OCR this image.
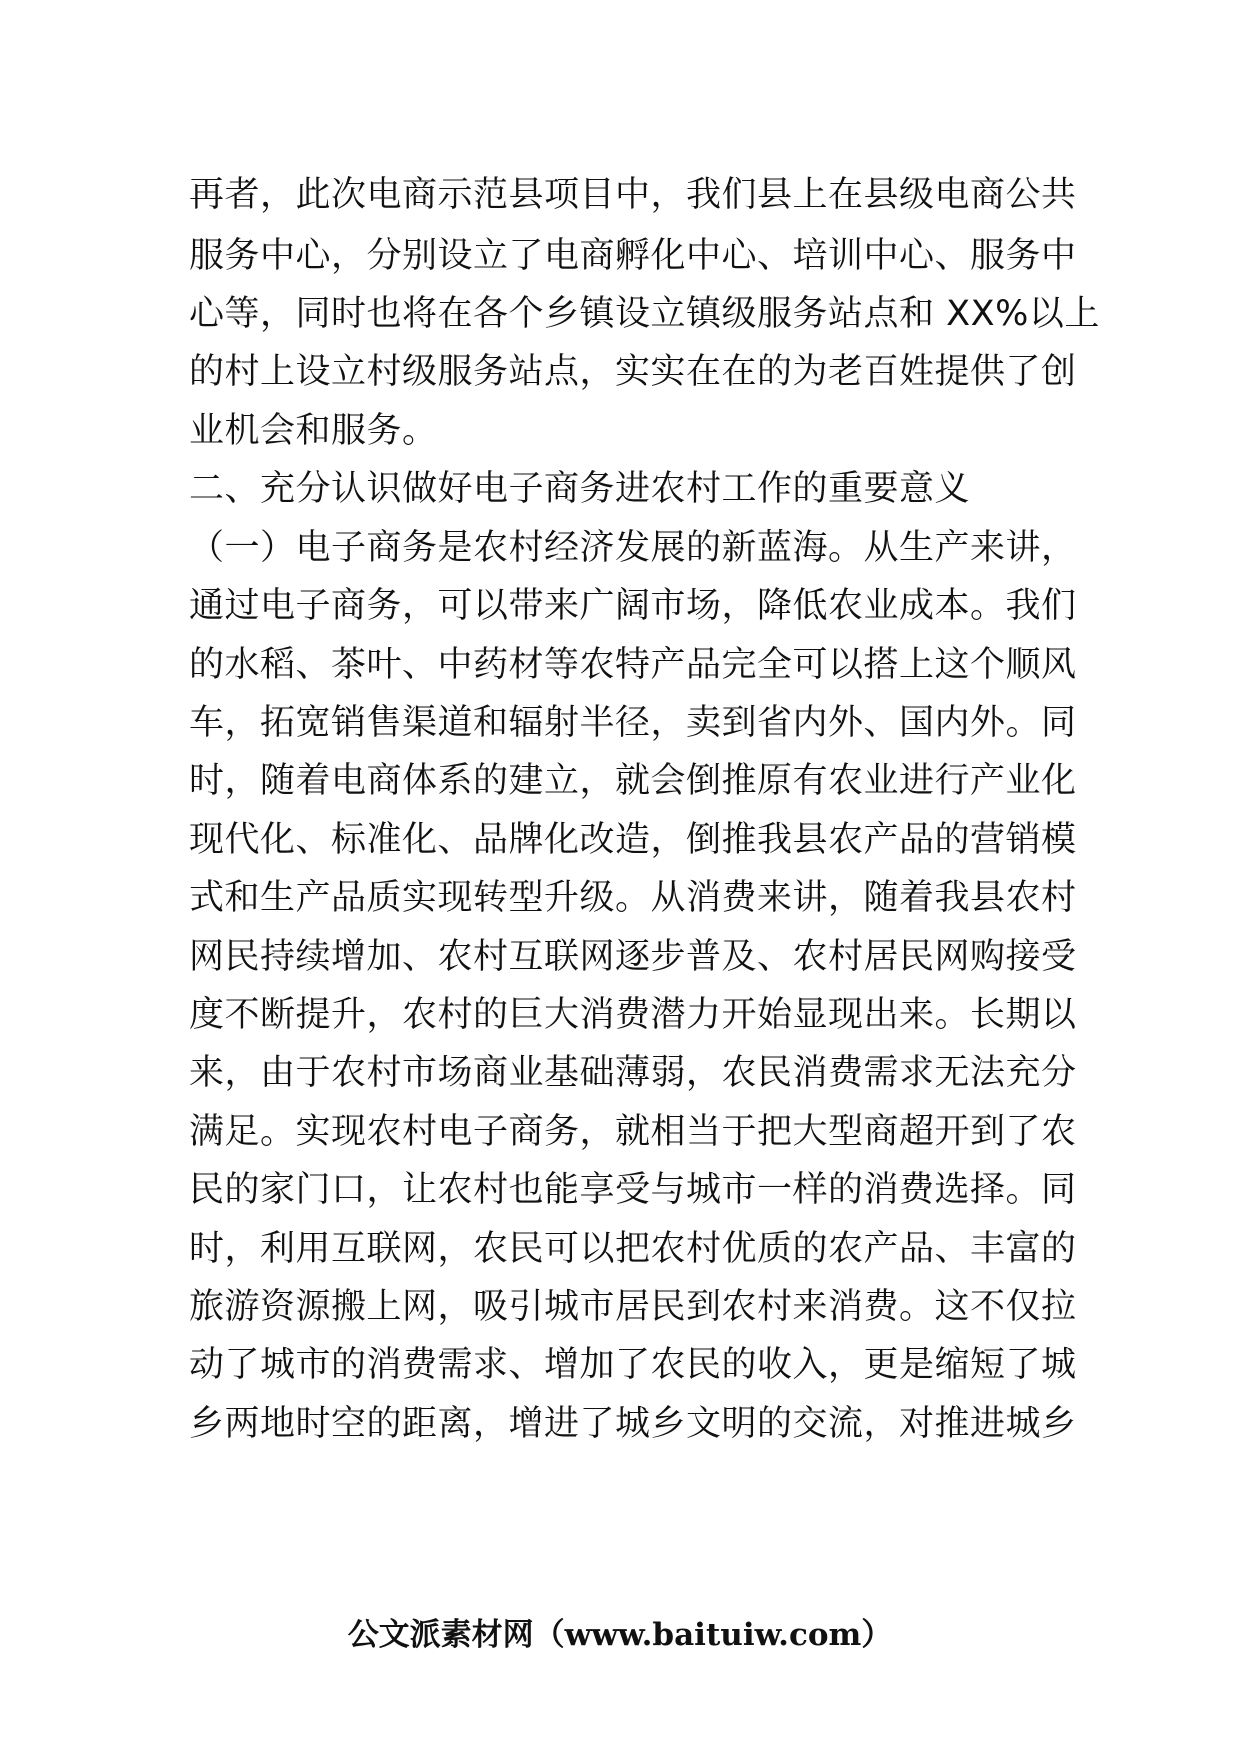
再者，此次电商示范县项目中，我们县上在县级电商公共
服务中心，分别设立了电商孵化中心、培训中心、服务中
心等，同时也将在各个乡镇设立镇级服务站点和 XX%以上
的村上设立村级服务站点，实实在在的为老百姓提供了创
业机会和服务。
二、充分认识做好电子商务进农村工作的重要意义
（一）电子商务是农村经济发展的新蓝海。从生产来讲，
通过电子商务，可以带来广阔市场，降低农业成本。我们
的水稻、茶叶、中药材等农特产品完全可以搭上这个顺风
车，拓宽销售渠道和辐射半径，卖到省内外、国内外。同
时，随着电商体系的建立，就会倒推原有农业进行产业化
现代化、标准化、品牌化改造，倒推我县农产品的营销模
式和生产品质实现转型升级。从消费来讲，随着我县农村
网民持续增加、农村互联网逐步普及、农村居民网购接受
度不断提升，农村的巨大消费潜力开始显现出来。长期以
来，由于农村市场商业基础薄弱，农民消费需求无法充分
满足。实现农村电子商务，就相当于把大型商超开到了农
民的家门口，让农村也能享受与城市一样的消费选择。同
时，利用互联网，农民可以把农村优质的农产品、丰富的
旅游资源搬上网，吸引城市居民到农村来消费。这不仅拉
动了城市的消费需求、增加了农民的收入，更是缩短了城
乡两地时空的距离，增进了城乡文明的交流，对推进城乡
公文派素材网（www.baituiw.com）
